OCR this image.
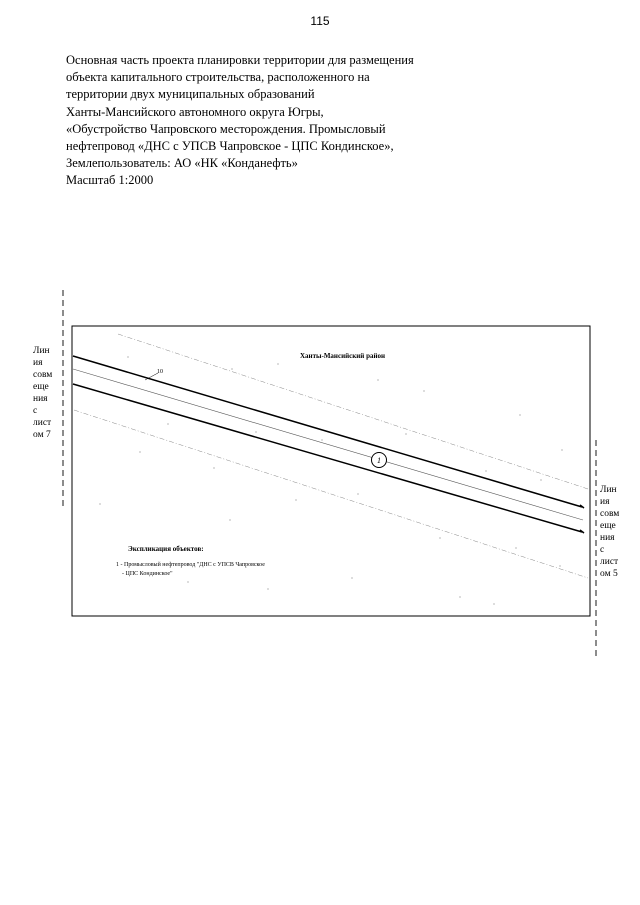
115
Основная часть проекта планировки территории для размещения
объекта капитального строительства, расположенного на
территории двух муниципальных образований
Ханты-Мансийского автономного округа Югры,
«Обустройство Чапровского месторождения. Промысловый
нефтепровод «ДНС с УПСВ Чапровское - ЦПС Кондинское»,
Землепользователь: АО «НК «Конданефть»
Масштаб 1:2000
Лин
ия
совм
еще
ния
с
лист
ом 7
Лин
ия
совм
еще
ния
с
лист
ом 5
Ханты-Мансийский район
10
1
Экспликация объектов:
1 - Промысловый нефтепровод "ДНС с УПСВ Чапровское
- ЦПС Кондинское"
